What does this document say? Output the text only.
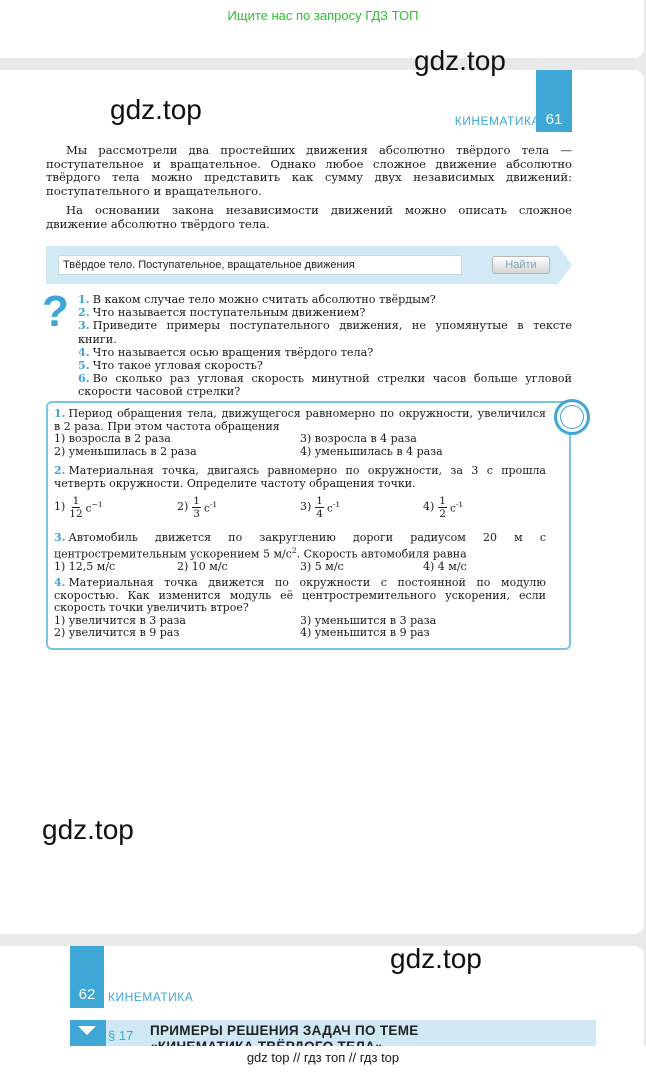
Ищите нас по запросу ГДЗ ТОП
61
КИНЕМАТИКА
gdz.top
gdz.top
gdz.top

Мы рассмотрели два простейших движения абсолютно твёрдого тела — поступательное и вращательное. Однако любое сложное движение абсолютно твёрдого тела можно представить как сумму двух независимых движений: поступательного и вращательного.

На основании закона независимости движений можно описать сложное движение абсолютно твёрдого тела.

Твёрдое тело. Поступательное, вращательное движения	Найти
? 1. В каком случае тело можно считать абсолютно твёрдым?
2. Что называется поступательным движением?
3. Приведите примеры поступательного движения, не упомянутые в тексте книги.
4. Что называется осью вращения твёрдого тела?
5. Что такое угловая скорость?
6. Во сколько раз угловая скорость минутной стрелки часов больше угловой скорости часовой стрелки?
1. Период обращения тела, движущегося равномерно по окружности, увеличился в 2 раза. При этом частота обращения
1) возросла в 2 раза	3) возросла в 4 раза
2) уменьшилась в 2 раза	4) уменьшилась в 4 раза
2. Материальная точка, двигаясь равномерно по окружности, за 3 с прошла четверть окружности. Определите частоту обращения точки.
$1) \frac{1}{12} с^{-1}$	$2) \frac{1}{3} с^{-1}$	$3) \frac{1}{4} с^{-1}$	$4) \frac{1}{2} с^{-1}$
3. Автомобиль движется по закруглению дороги радиусом 20 м с центростремительным ускорением 5 $м/с^2$. Скорость автомобиля равна
1) 12,5 м/с	2) 10 м/с	3) 5 м/с	4) 4 м/с
4. Материальная точка движется по окружности с постоянной по модулю скоростью. Как изменится модуль её центростремительного ускорения, если скорость точки увеличить втрое?
1) увеличится в 3 раза	3) уменьшится в 3 раза
2) увеличится в 9 раз	4) уменьшится в 9 раз
62	КИНЕМАТИКА
gdz.top
§ 17 ПРИМЕРЫ РЕШЕНИЯ ЗАДАЧ ПО ТЕМЕ
gdz top // гдз топ // гдз top
